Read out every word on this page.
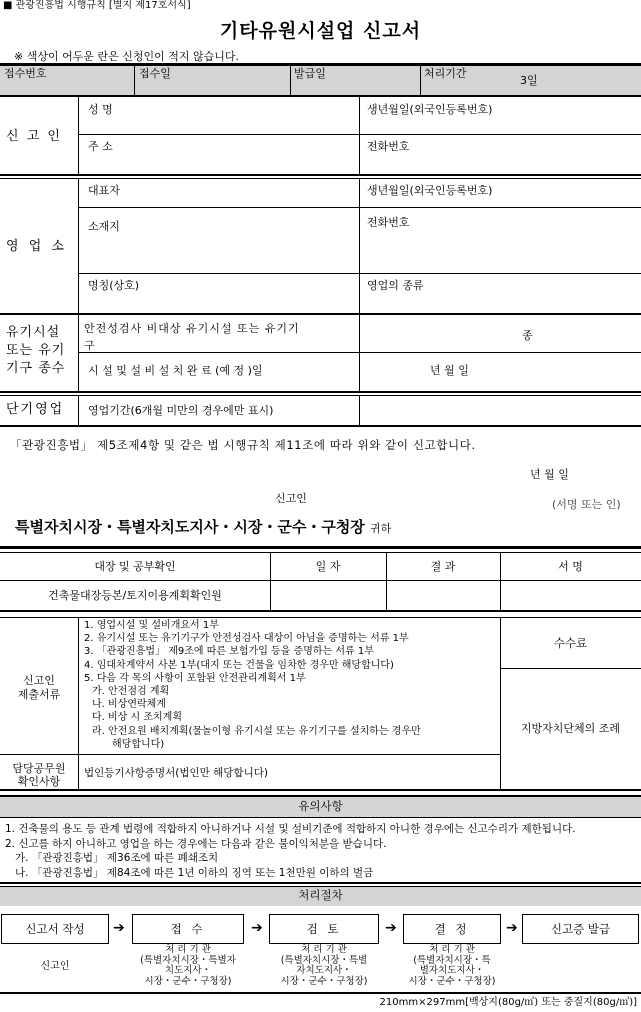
■ 관광진흥법 시행규칙 [별지 제17호서식]
기타유원시설업 신고서
※ 색상이 어두운 란은 신청인이 적지 않습니다.
접수번호	접수일	발급일	처리기간
3일
신 고 인
성 명	생년월일(외국인등록번호)
주 소	전화번호
영 업 소
대표자	생년월일(외국인등록번호)
소재지	전화번호
명칭(상호)	영업의 종류
유기시설
또는 유기
기구 종수
안전성검사 비대상 유기시설 또는 유기기
구
종
시 설 및 설 비 설 치 완 료 (예 정 )일	년 월 일
단기영업 영업기간(6개월 미만의 경우에만 표시)
「관광진흥법」 제5조제4항 및 같은 법 시행규칙 제11조에 따라 위와 같이 신고합니다.
년 월 일
신고인	(서명 또는 인)
특별자치시장・특별자치도지사・시장・군수・구청장 귀하
대장 및 공부확인	일 자	결 과	서 명
건축물대장등본/토지이용계획확인원
신고인
제출서류
1. 영업시설 및 설비개요서 1부
2. 유기시설 또는 유기기구가 안전성검사 대상이 아님을 증명하는 서류 1부
3. 「관광진흥법」 제9조에 따른 보험가입 등을 증명하는 서류 1부
4. 임대차계약서 사본 1부(대지 또는 건물을 임차한 경우만 해당합니다)
5. 다음 각 목의 사항이 포함된 안전관리계획서 1부
가. 안전점검 계획
나. 비상연락체계
다. 비상 시 조치계획
라. 안전요원 배치계획(물놀이형 유기시설 또는 유기기구를 설치하는 경우만
해당합니다)
수수료
지방자치단체의 조례
담당공무원
확인사항
법인등기사항증명서(법인만 해당합니다)
유의사항
1. 건축물의 용도 등 관계 법령에 적합하지 아니하거나 시설 및 설비기준에 적합하지 아니한 경우에는 신고수리가 제한됩니다.
2. 신고를 하지 아니하고 영업을 하는 경우에는 다음과 같은 불이익처분을 받습니다.
가. 「관광진흥법」 제36조에 따른 폐쇄조치
나. 「관광진흥법」 제84조에 따른 1년 이하의 징역 또는 1천만원 이하의 벌금
처리절차
신고서 작성	➔	접 수	➔	검 토	➔	결 정	➔	신고증 발급
신고인
처 리 기 관
(특별자치시장・특별자
치도지사・
시장・군수・구청장)
처 리 기 관
(특별자치시장・특별
자치도지사・
시장・군수・구청장)
처 리 기 관
(특별자치시장・특
별자치도지사・
시장・군수・구청장)
210mm×297mm[백상지(80g/㎡) 또는 중질지(80g/㎡)]
